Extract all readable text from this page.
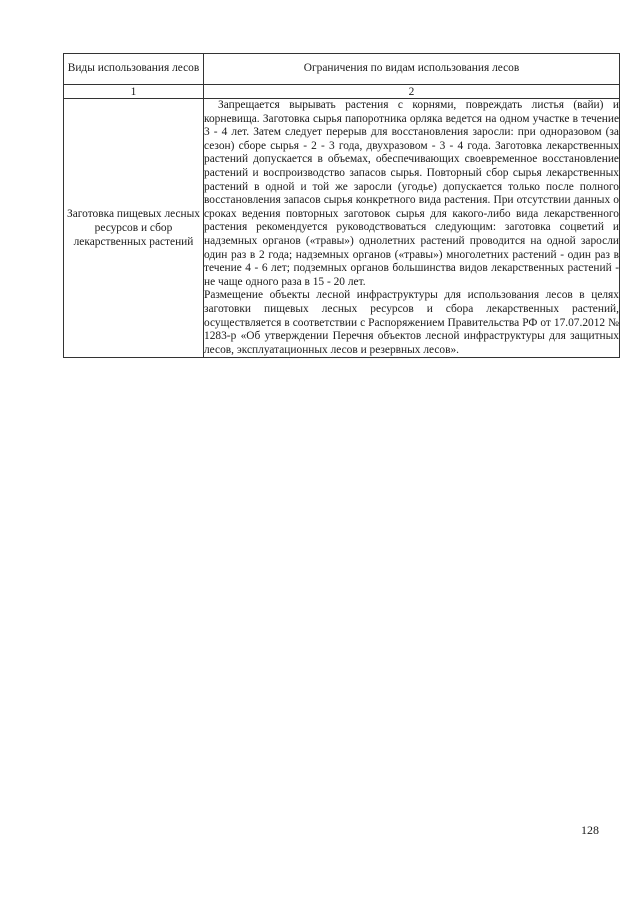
Виды использования лесов	Ограничения по видам использования лесов
1	2
Заготовка пищевых лесных ресурсов и сбор лекарственных растений	Запрещается вырывать растения с корнями, повреждать листья (вайи) и корневища. Заготовка сырья папоротника орляка ведется на одном участке в течение 3 - 4 лет. Затем следует перерыв для восстановления заросли: при одноразовом (за сезон) сборе сырья - 2 - 3 года, двухразовом - 3 - 4 года. Заготовка лекарственных растений допускается в объемах, обеспечивающих своевременное восстановление растений и воспроизводство запасов сырья. Повторный сбор сырья лекарственных растений в одной и той же заросли (угодье) допускается только после полного восстановления запасов сырья конкретного вида растения. При отсутствии данных о сроках ведения повторных заготовок сырья для какого-либо вида лекарственного растения рекомендуется руководствоваться следующим: заготовка соцветий и надземных органов («травы») однолетних растений проводится на одной заросли один раз в 2 года; надземных органов («травы») многолетних растений - один раз в течение 4 - 6 лет; подземных органов большинства видов лекарственных растений - не чаще одного раза в 15 - 20 лет.

Размещение объекты лесной инфраструктуры для использования лесов в целях заготовки пищевых лесных ресурсов и сбора лекарственных растений, осуществляется в соответствии с Распоряжением Правительства РФ от 17.07.2012 № 1283-р «Об утверждении Перечня объектов лесной инфраструктуры для защитных лесов, эксплуатационных лесов и резервных лесов».

128
